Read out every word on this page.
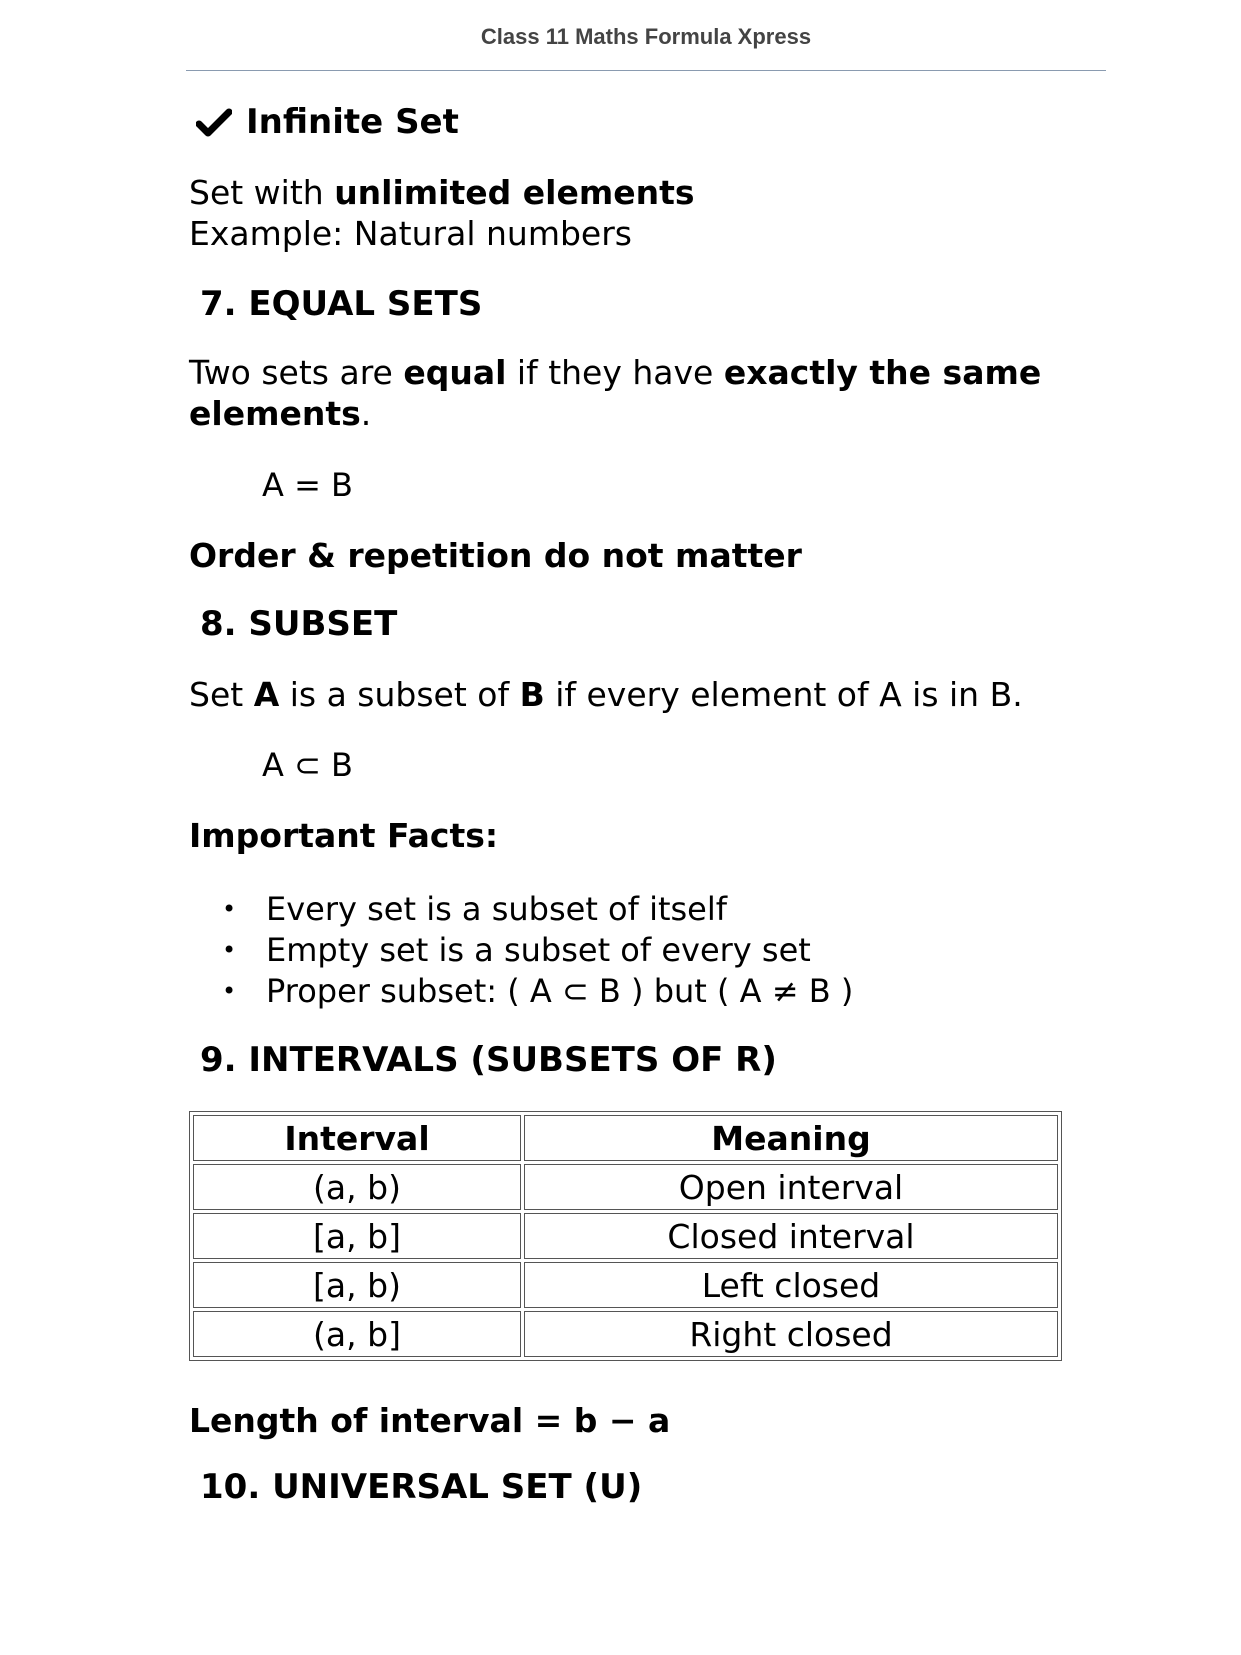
Class 11 Maths Formula Xpress
Infinite Set
Set with unlimited elements
Example: Natural numbers
7. EQUAL SETS
Two sets are equal if they have exactly the same
elements.
A = B
Order & repetition do not matter
8. SUBSET
Set A is a subset of B if every element of A is in B.
A ⊂ B
Important Facts:
• Every set is a subset of itself
• Empty set is a subset of every set
• Proper subset: ( A ⊂ B ) but ( A ≠ B )
9. INTERVALS (SUBSETS OF R)
Interval	Meaning
(a, b)	Open interval
[a, b]	Closed interval
[a, b)	Left closed
(a, b]	Right closed
Length of interval = b − a
10. UNIVERSAL SET (U)
